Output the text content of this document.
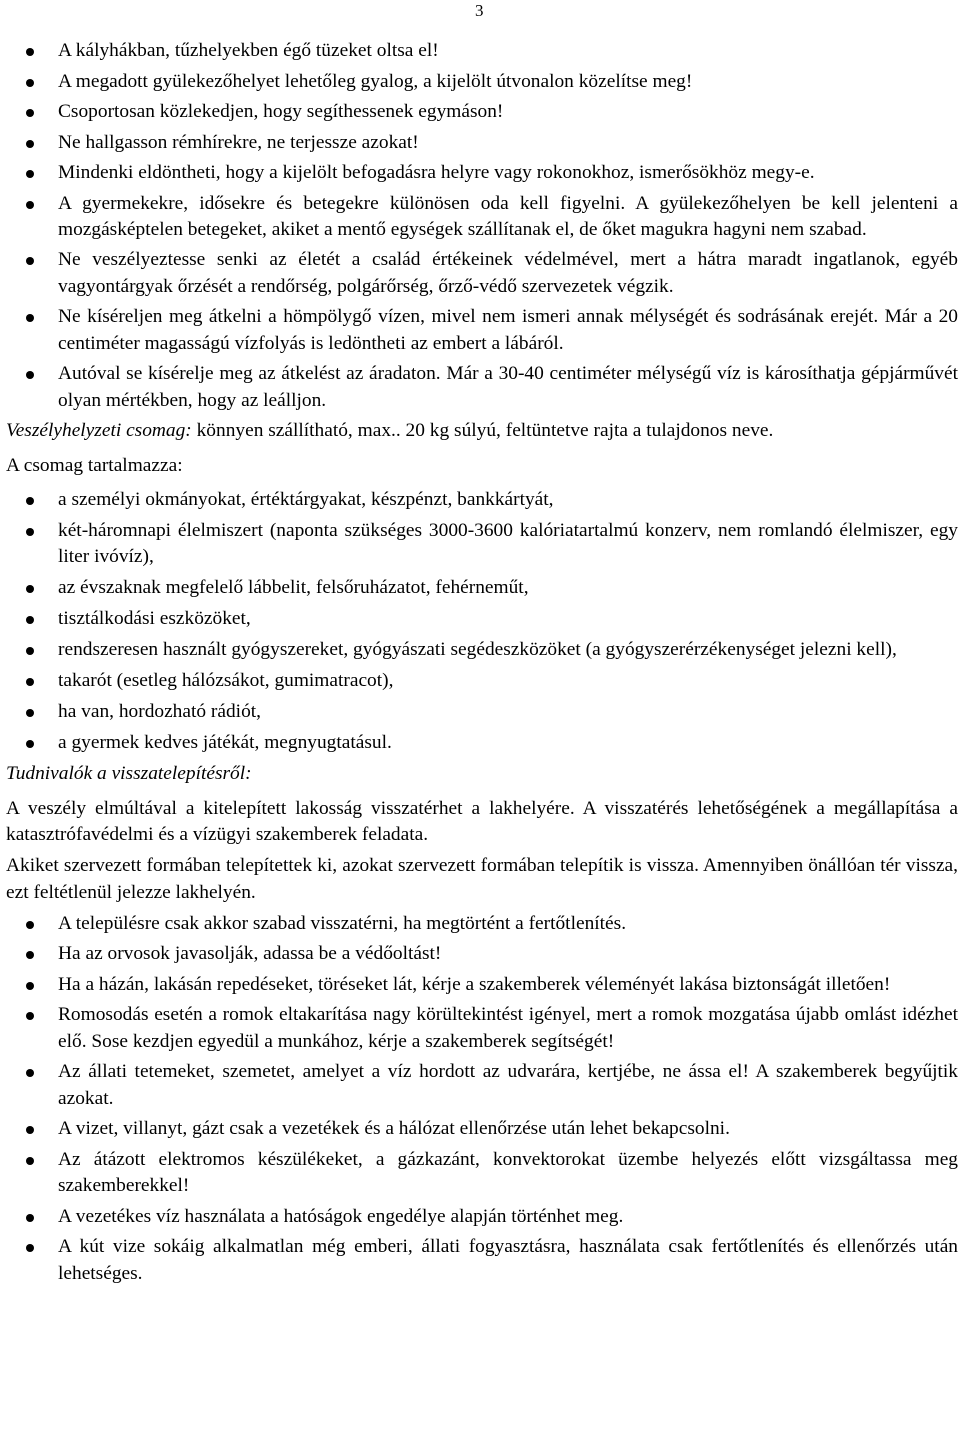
3
A kályhákban, tűzhelyekben égő tüzeket oltsa el!
A megadott gyülekezőhelyet lehetőleg gyalog, a kijelölt útvonalon közelítse meg!
Csoportosan közlekedjen, hogy segíthessenek egymáson!
Ne hallgasson rémhírekre, ne terjessze azokat!
Mindenki eldöntheti, hogy a kijelölt befogadásra helyre vagy rokonokhoz, ismerősökhöz megy-e.
A gyermekekre, idősekre és betegekre különösen oda kell figyelni. A gyülekezőhelyen be kell jelenteni a mozgásképtelen betegeket, akiket a mentő egységek szállítanak el, de őket magukra hagyni nem szabad.
Ne veszélyeztesse senki az életét a család értékeinek védelmével, mert a hátra maradt ingatlanok, egyéb vagyontárgyak őrzését a rendőrség, polgárőrség, őrző-védő szervezetek végzik.
Ne kíséreljen meg átkelni a hömpölygő vízen, mivel nem ismeri annak mélységét és sodrásának erejét. Már a 20 centiméter magasságú vízfolyás is ledöntheti az embert a lábáról.
Autóval se kísérelje meg az átkelést az áradaton. Már a 30-40 centiméter mélységű víz is károsíthatja gépjárművét olyan mértékben, hogy az leálljon.

Veszélyhelyzeti csomag: könnyen szállítható, max.. 20 kg súlyú, feltüntetve rajta a tulajdonos neve.

A csomag tartalmazza:

a személyi okmányokat, értéktárgyakat, készpénzt, bankkártyát,
két-háromnapi élelmiszert (naponta szükséges 3000-3600 kalóriatartalmú konzerv, nem romlandó élelmiszer, egy liter ivóvíz),
az évszaknak megfelelő lábbelit, felsőruházatot, fehérneműt,
tisztálkodási eszközöket,
rendszeresen használt gyógyszereket, gyógyászati segédeszközöket (a gyógyszerérzékenységet jelezni kell),
takarót (esetleg hálózsákot, gumimatracot),
ha van, hordozható rádiót,
a gyermek kedves játékát, megnyugtatásul.

Tudnivalók a visszatelepítésről:

A veszély elmúltával a kitelepített lakosság visszatérhet a lakhelyére. A visszatérés lehetőségének a megállapítása a katasztrófavédelmi és a vízügyi szakemberek feladata.

Akiket szervezett formában telepítettek ki, azokat szervezett formában telepítik is vissza. Amennyiben önállóan tér vissza, ezt feltétlenül jelezze lakhelyén.

A településre csak akkor szabad visszatérni, ha megtörtént a fertőtlenítés.
Ha az orvosok javasolják, adassa be a védőoltást!
Ha a házán, lakásán repedéseket, töréseket lát, kérje a szakemberek véleményét lakása biztonságát illetően!
Romosodás esetén a romok eltakarítása nagy körültekintést igényel, mert a romok mozgatása újabb omlást idézhet elő. Sose kezdjen egyedül a munkához, kérje a szakemberek segítségét!
Az állati tetemeket, szemetet, amelyet a víz hordott az udvarára, kertjébe, ne ássa el! A szakemberek begyűjtik azokat.
A vizet, villanyt, gázt csak a vezetékek és a hálózat ellenőrzése után lehet bekapcsolni.
Az átázott elektromos készülékeket, a gázkazánt, konvektorokat üzembe helyezés előtt vizsgáltassa meg szakemberekkel!
A vezetékes víz használata a hatóságok engedélye alapján történhet meg.
A kút vize sokáig alkalmatlan még emberi, állati fogyasztásra, használata csak fertőtlenítés és ellenőrzés után lehetséges.
